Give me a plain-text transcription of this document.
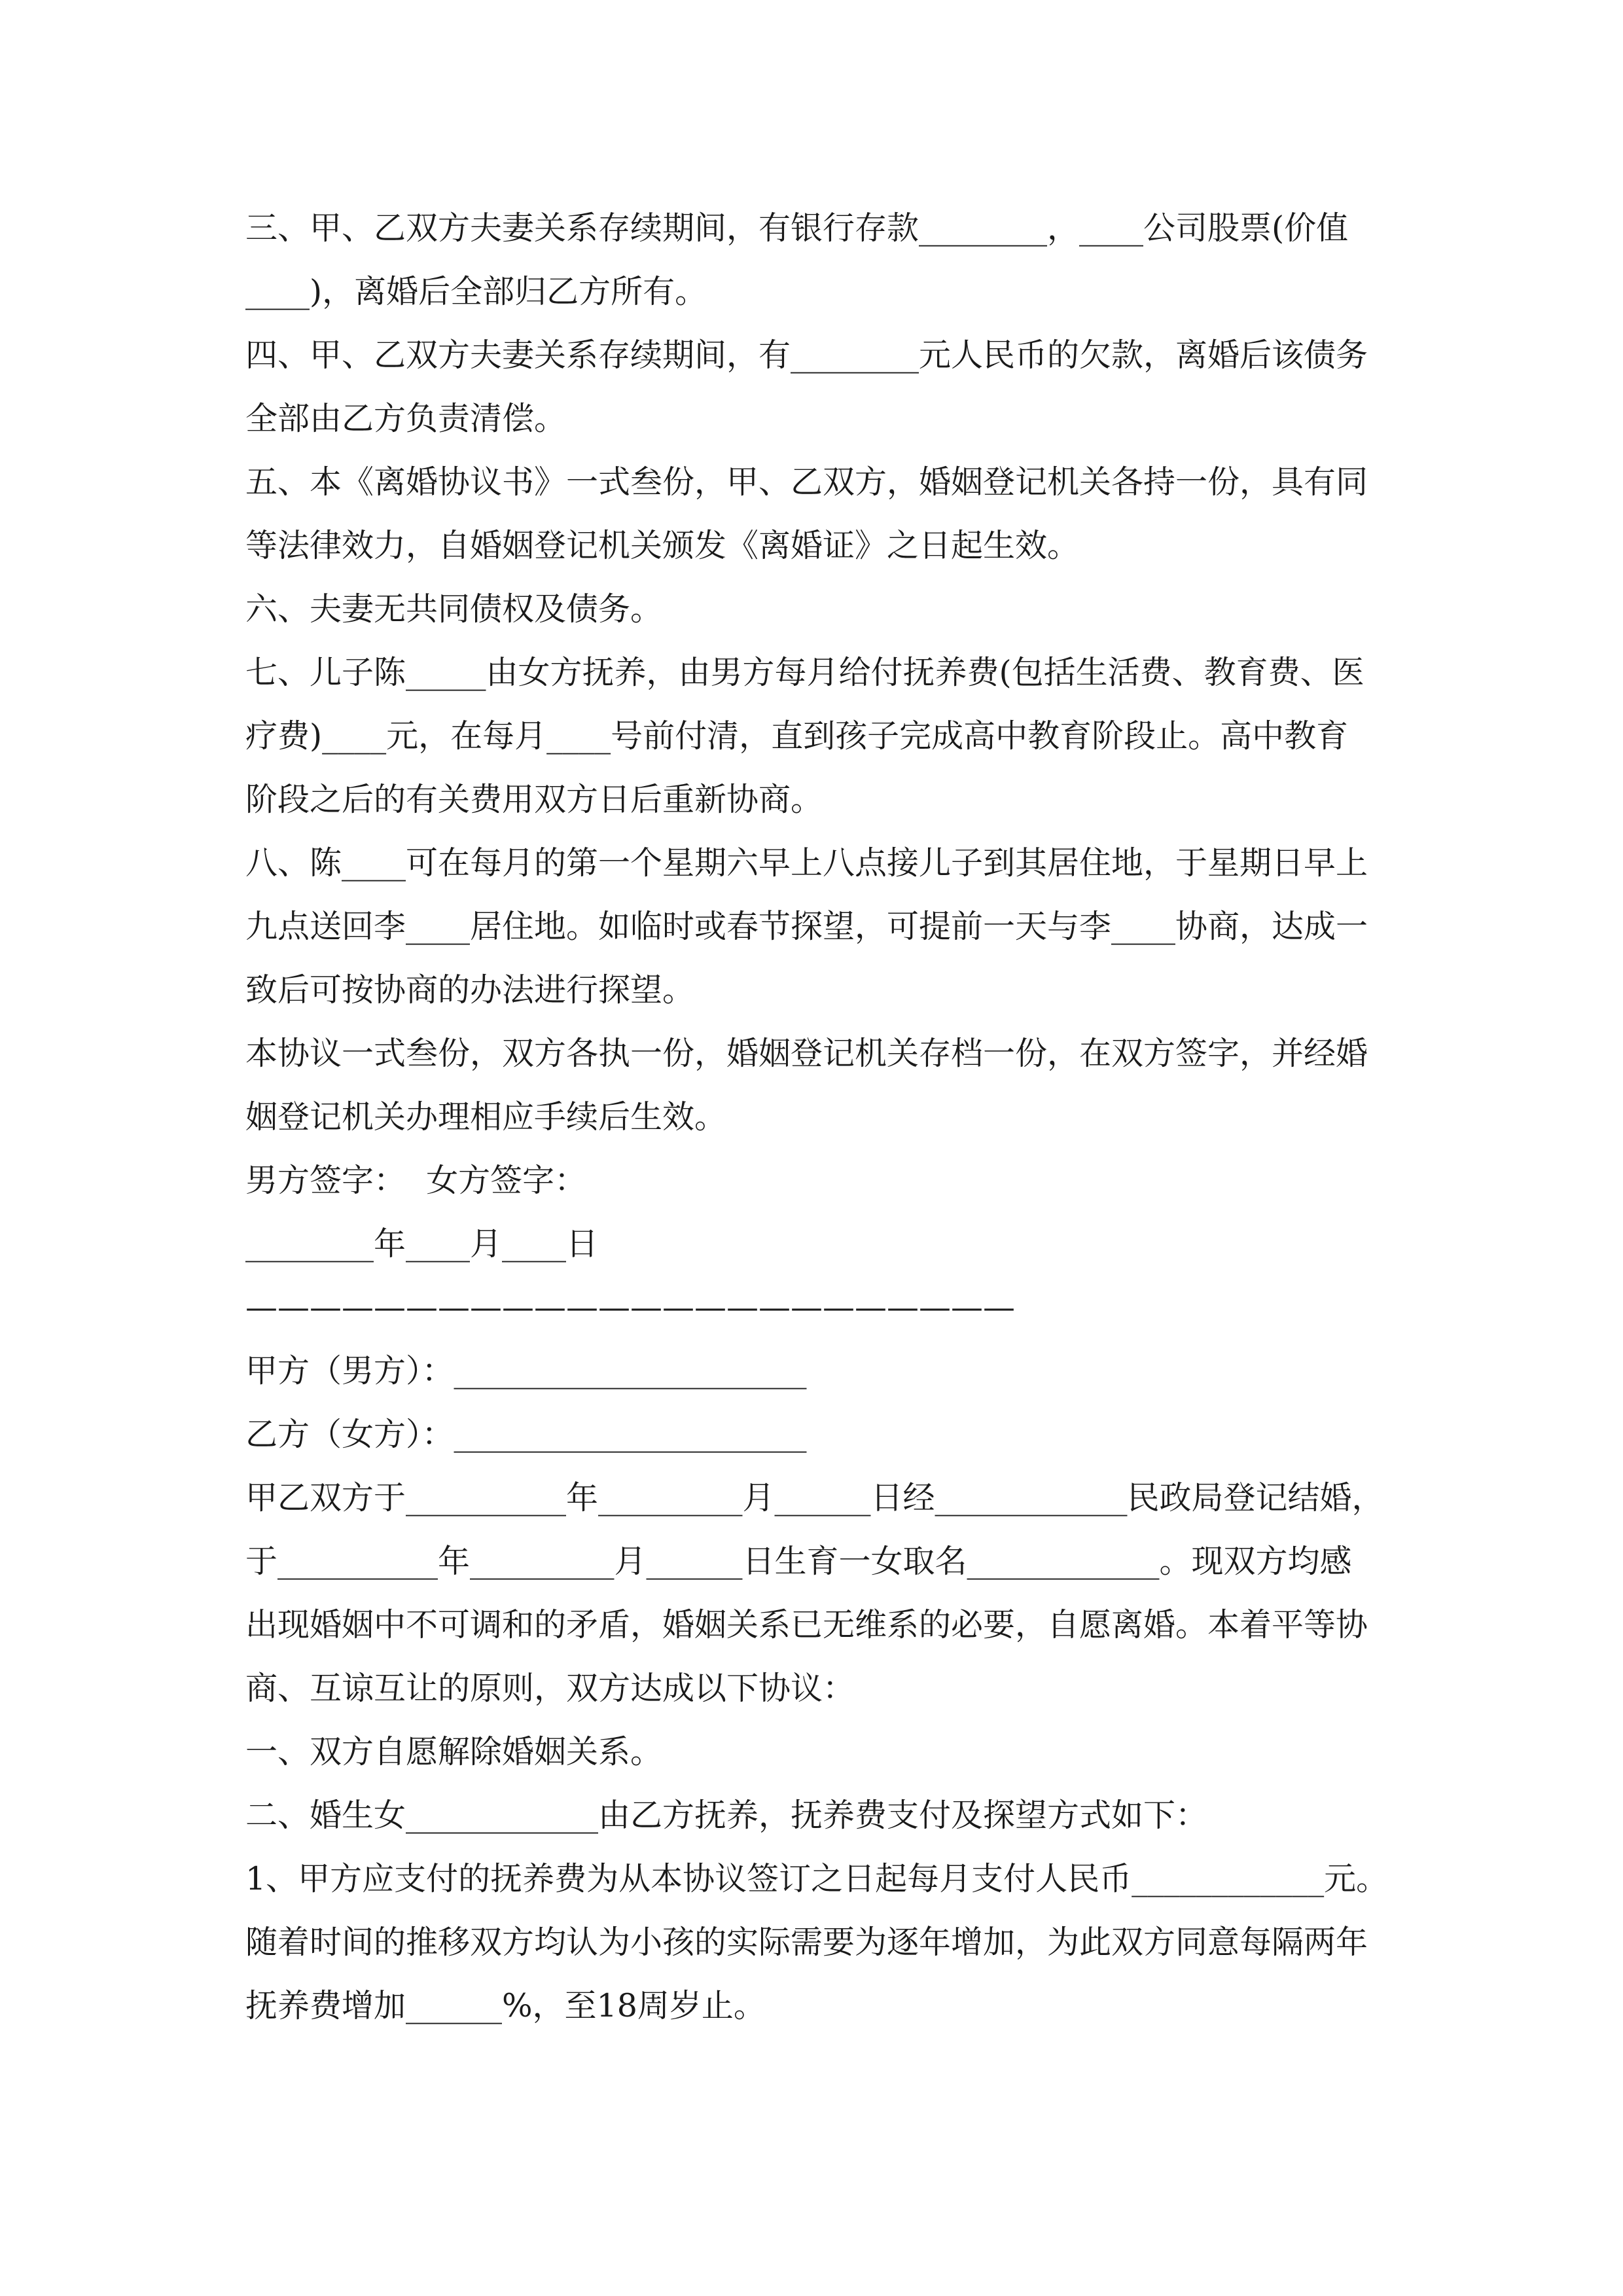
三、甲、乙双方夫妻关系存续期间，有银行存款________，____公司股票(价值
____)，离婚后全部归乙方所有。
四、甲、乙双方夫妻关系存续期间，有________元人民币的欠款，离婚后该债务
全部由乙方负责清偿。
五、本《离婚协议书》一式叁份，甲、乙双方，婚姻登记机关各持一份，具有同
等法律效力，自婚姻登记机关颁发《离婚证》之日起生效。
六、夫妻无共同债权及债务。
七、儿子陈_____由女方抚养，由男方每月给付抚养费(包括生活费、教育费、医
疗费)____元，在每月____号前付清，直到孩子完成高中教育阶段止。高中教育
阶段之后的有关费用双方日后重新协商。
八、陈____可在每月的第一个星期六早上八点接儿子到其居住地，于星期日早上
九点送回李____居住地。如临时或春节探望，可提前一天与李____协商，达成一
致后可按协商的办法进行探望。
本协议一式叁份，双方各执一份，婚姻登记机关存档一份，在双方签字，并经婚
姻登记机关办理相应手续后生效。
男方签字：  女方签字：
________年____月____日
————————————————————————
甲方（男方）：______________________
乙方（女方）：______________________
甲乙双方于__________年_________月______日经____________民政局登记结婚，
于__________年_________月______日生育一女取名____________。现双方均感
出现婚姻中不可调和的矛盾，婚姻关系已无维系的必要，自愿离婚。本着平等协
商、互谅互让的原则，双方达成以下协议：
一、双方自愿解除婚姻关系。
二、婚生女____________由乙方抚养，抚养费支付及探望方式如下：
1、甲方应支付的抚养费为从本协议签订之日起每月支付人民币____________元。
随着时间的推移双方均认为小孩的实际需要为逐年增加，为此双方同意每隔两年
抚养费增加______%，至18周岁止。
